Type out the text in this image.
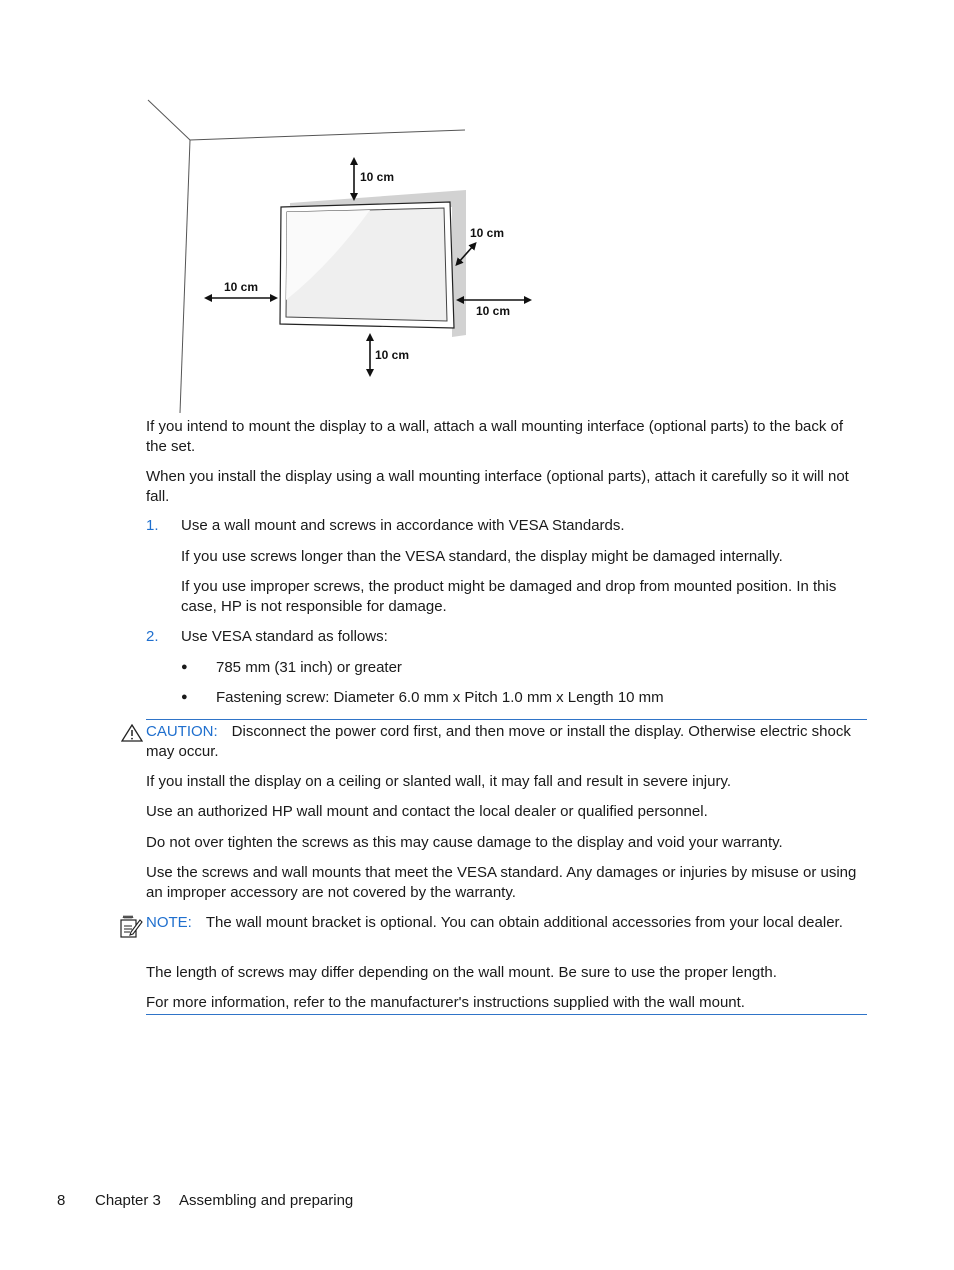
10 cm
10 cm
10 cm
10 cm
10 cm

If you intend to mount the display to a wall, attach a wall mounting interface (optional parts) to the back of the set.

When you install the display using a wall mounting interface (optional parts), attach it carefully so it will not fall.

1. Use a wall mount and screws in accordance with VESA Standards.

If you use screws longer than the VESA standard, the display might be damaged internally.

If you use improper screws, the product might be damaged and drop from mounted position. In this case, HP is not responsible for damage.

2. Use VESA standard as follows:

● 785 mm (31 inch) or greater

● Fastening screw: Diameter 6.0 mm x Pitch 1.0 mm x Length 10 mm

CAUTION: Disconnect the power cord first, and then move or install the display. Otherwise electric shock may occur.

If you install the display on a ceiling or slanted wall, it may fall and result in severe injury.

Use an authorized HP wall mount and contact the local dealer or qualified personnel.

Do not over tighten the screws as this may cause damage to the display and void your warranty.

Use the screws and wall mounts that meet the VESA standard. Any damages or injuries by misuse or using an improper accessory are not covered by the warranty.

NOTE: The wall mount bracket is optional. You can obtain additional accessories from your local dealer.

The length of screws may differ depending on the wall mount. Be sure to use the proper length.

For more information, refer to the manufacturer's instructions supplied with the wall mount.

8 Chapter 3 Assembling and preparing
